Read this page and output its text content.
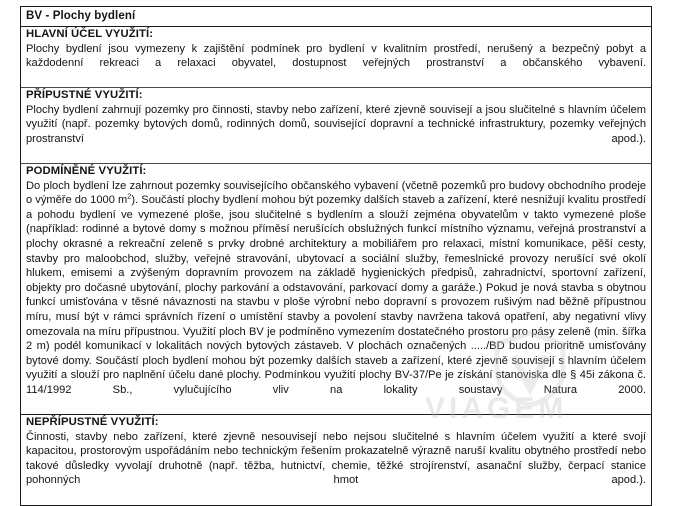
VIAGEM
BV - Plochy bydlení
HLAVNÍ ÚČEL VYUŽITÍ:

Plochy bydlení jsou vymezeny k zajištění podmínek pro bydlení v kvalitním prostředí, nerušený a bezpečný pobyt a každodenní rekreaci a relaxaci obyvatel, dostupnost veřejných prostranství a občanského vybavení.

PŘÍPUSTNÉ VYUŽITÍ:

Plochy bydlení zahrnují pozemky pro činnosti, stavby nebo zařízení, které zjevně souvisejí a jsou slučitelné s hlavním účelem využití (např. pozemky bytových domů, rodinných domů, související dopravní a technické infrastruktury, pozemky veřejných prostranství apod.).

PODMÍNĚNÉ VYUŽITÍ:

Do ploch bydlení lze zahrnout pozemky souvisejícího občanského vybavení (včetně pozemků pro budovy obchodního prodeje o výměře do 1000 $m^2$). Součástí plochy bydlení mohou být pozemky dalších staveb a zařízení, které nesnižují kvalitu prostředí a pohodu bydlení ve vymezené ploše, jsou slučitelné s bydlením a slouží zejména obyvatelům v takto vymezené ploše (například: rodinné a bytové domy s možnou příměsí nerušících obslužných funkcí místního významu, veřejná prostranství a plochy okrasné a rekreační zeleně s prvky drobné architektury a mobiliářem pro relaxaci, místní komunikace, pěší cesty, stavby pro maloobchod, služby, veřejné stravování, ubytovací a sociální služby, řemeslnické provozy nerušící své okolí hlukem, emisemi a zvýšeným dopravním provozem na základě hygienických předpisů, zahradnictví, sportovní zařízení, objekty pro dočasné ubytování, plochy parkování a odstavování, parkovací domy a garáže.) Pokud je nová stavba s obytnou funkcí umisťována v těsné návaznosti na stavbu v ploše výrobní nebo dopravní s provozem rušivým nad běžně přípustnou míru, musí být v rámci správních řízení o umístění stavby a povolení stavby navržena taková opatření, aby negativní vlivy omezovala na míru přípustnou. Využití ploch BV je podmíněno vymezením dostatečného prostoru pro pásy zeleně (min. šířka 2 m) podél komunikací v lokalitách nových bytových zástaveb. V plochách označených ...../BD budou prioritně umisťovány bytové domy. Součástí ploch bydlení mohou být pozemky dalších staveb a zařízení, které zjevně souvisejí s hlavním účelem využití a slouží pro naplnění účelu dané plochy. Podmínkou využití plochy BV-37/Pe je získání stanoviska dle § 45i zákona č. 114/1992 Sb., vylučujícího vliv na lokality soustavy Natura 2000.

NEPŘÍPUSTNÉ VYUŽITÍ:

Činnosti, stavby nebo zařízení, které zjevně nesouvisejí nebo nejsou slučitelné s hlavním účelem využití a které svojí kapacitou, prostorovým uspořádáním nebo technickým řešením prokazatelně výrazně naruší kvalitu obytného prostředí nebo takové důsledky vyvolají druhotně (např. těžba, hutnictví, chemie, těžké strojírenství, asanační služby, čerpací stanice pohonných hmot apod.).
